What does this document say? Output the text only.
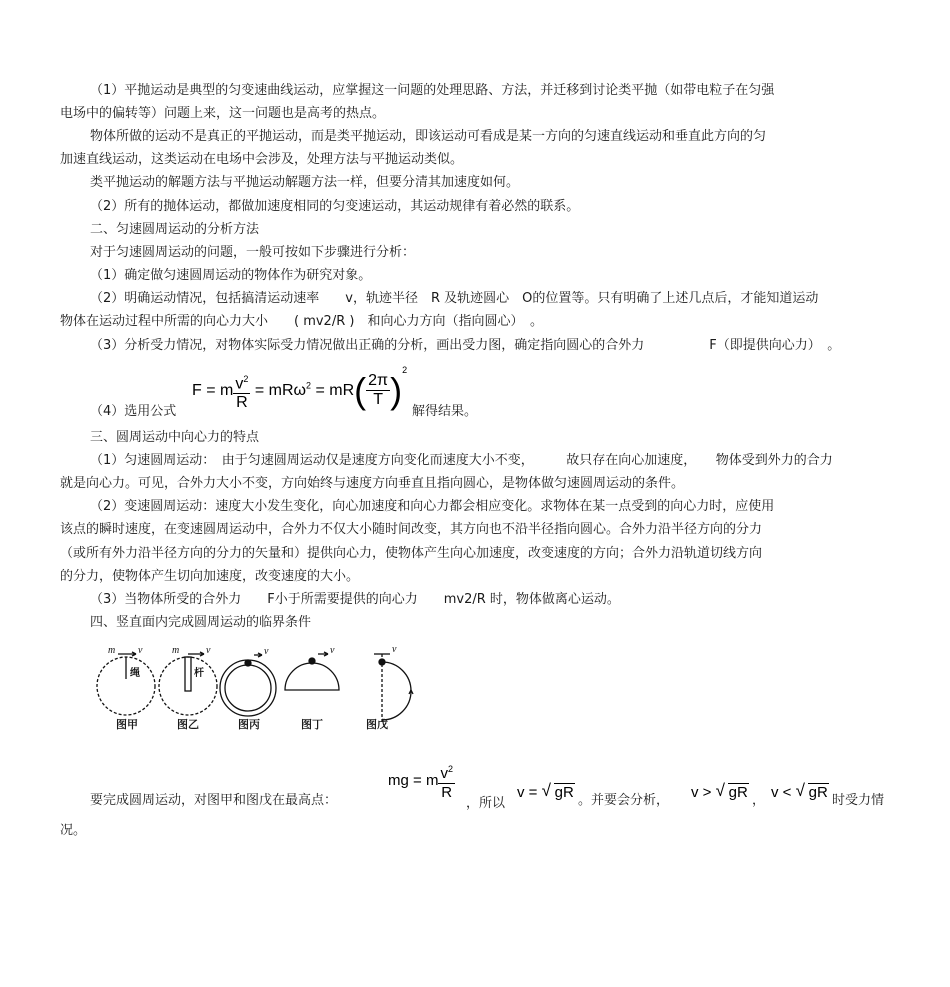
（1）平抛运动是典型的匀变速曲线运动，应掌握这一问题的处理思路、方法，并迁移到讨论类平抛（如带电粒子在匀强
电场中的偏转等）问题上来，这一问题也是高考的热点。
物体所做的运动不是真正的平抛运动，而是类平抛运动，即该运动可看成是某一方向的匀速直线运动和垂直此方向的匀
加速直线运动，这类运动在电场中会涉及，处理方法与平抛运动类似。
类平抛运动的解题方法与平抛运动解题方法一样，但要分清其加速度如何。
（2）所有的抛体运动，都做加速度相同的匀变速运动，其运动规律有着必然的联系。
二、匀速圆周运动的分析方法
对于匀速圆周运动的问题，一般可按如下步骤进行分析：
（1）确定做匀速圆周运动的物体作为研究对象。
（2）明确运动情况，包括搞清运动速率　　v，轨迹半径　R 及轨迹圆心　O的位置等。只有明确了上述几点后，才能知道运动
物体在运动过程中所需的向心力大小　　( mv2/R )　和向心力方向（指向圆心）　。
（3）分析受力情况，对物体实际受力情况做出正确的分析，画出受力图，确定指向圆心的合外力　　　　　F（即提供向心力）　。
（4）选用公式
F = m $\frac{v^2}{R} = mR\omega^2 = mR( \frac{2\pi}{T} )^2$
解得结果。
三、圆周运动中向心力的特点
（1）匀速圆周运动：　由于匀速圆周运动仅是速度方向变化而速度大小不变，　　　故只存在向心加速度，　　物体受到外力的合力
就是向心力。可见，合外力大小不变，方向始终与速度方向垂直且指向圆心，是物体做匀速圆周运动的条件。
（2）变速圆周运动：速度大小发生变化，向心加速度和向心力都会相应变化。求物体在某一点受到的向心力时，应使用
该点的瞬时速度，在变速圆周运动中，合外力不仅大小随时间改变，其方向也不沿半径指向圆心。合外力沿半径方向的分力
（或所有外力沿半径方向的分力的矢量和）提供向心力，使物体产生向心加速度，改变速度的方向；合外力沿轨道切线方向
的分力，使物体产生切向加速度，改变速度的大小。
（3）当物体所受的合外力　　F小于所需要提供的向心力　　mv2/R 时，物体做离心运动。
四、竖直面内完成圆周运动的临界条件
m v	m	v	v	v	v
绳	杆
图甲	图乙	图丙	图丁	图戊
要完成圆周运动，对图甲和图戊在最高点：
mg = m $\frac{v^2}{R}$
，所以
v = √ gR 。并要会分析， v > √ gR ， v < √ gR 时受力情
况。
